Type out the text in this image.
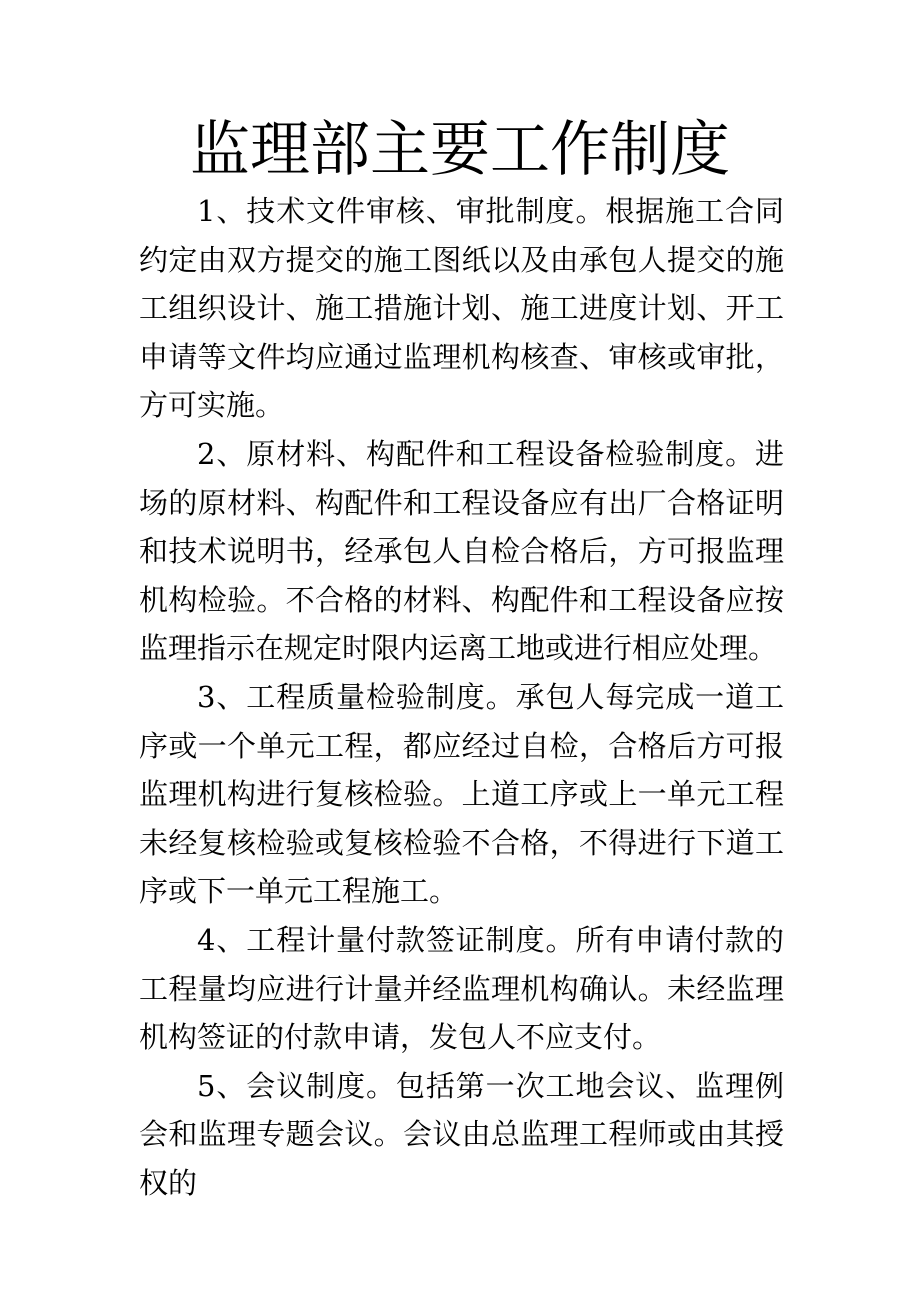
监理部主要工作制度

1、技术文件审核、审批制度。根据施工合同约定由双方提交的施工图纸以及由承包人提交的施工组织设计、施工措施计划、施工进度计划、开工申请等文件均应通过监理机构核查、审核或审批，方可实施。

2、原材料、构配件和工程设备检验制度。进场的原材料、构配件和工程设备应有出厂合格证明和技术说明书，经承包人自检合格后，方可报监理机构检验。不合格的材料、构配件和工程设备应按监理指示在规定时限内运离工地或进行相应处理。

3、工程质量检验制度。承包人每完成一道工序或一个单元工程，都应经过自检，合格后方可报监理机构进行复核检验。上道工序或上一单元工程未经复核检验或复核检验不合格，不得进行下道工序或下一单元工程施工。

4、工程计量付款签证制度。所有申请付款的工程量均应进行计量并经监理机构确认。未经监理机构签证的付款申请，发包人不应支付。

5、会议制度。包括第一次工地会议、监理例会和监理专题会议。会议由总监理工程师或由其授权的
